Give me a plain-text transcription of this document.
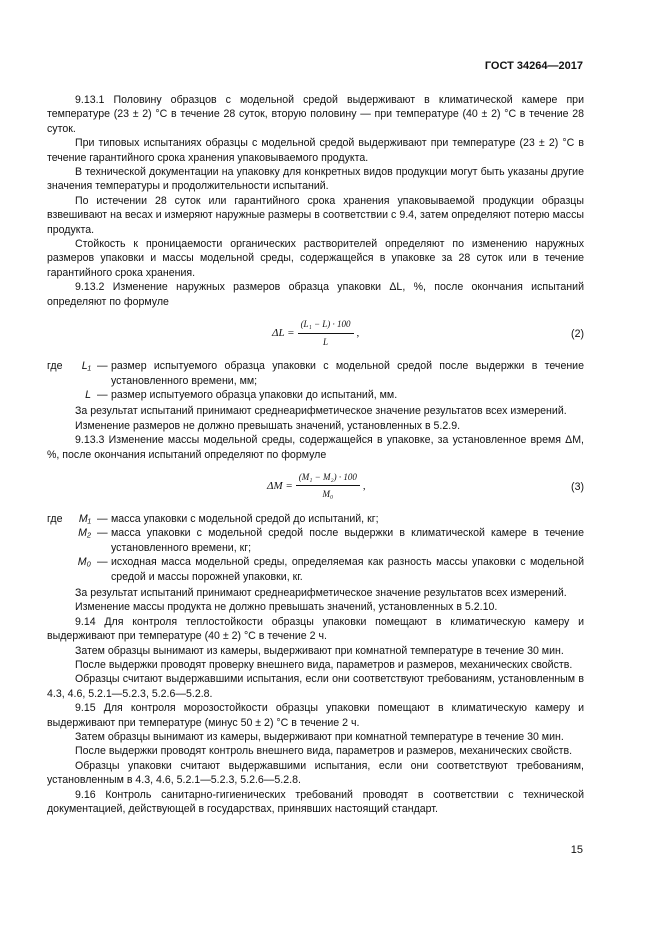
ГОСТ 34264—2017

9.13.1 Половину образцов с модельной средой выдерживают в климатической камере при температуре (23 ± 2) °С в течение 28 суток, вторую половину — при температуре (40 ± 2) °С в течение 28 суток.

При типовых испытаниях образцы с модельной средой выдерживают при температуре (23 ± 2) °С в течение гарантийного срока хранения упаковываемого продукта.

В технической документации на упаковку для конкретных видов продукции могут быть указаны другие значения температуры и продолжительности испытаний.

По истечении 28 суток или гарантийного срока хранения упаковываемой продукции образцы взвешивают на весах и измеряют наружные размеры в соответствии с 9.4, затем определяют потерю массы продукта.

Стойкость к проницаемости органических растворителей определяют по изменению наружных размеров упаковки и массы модельной среды, содержащейся в упаковке за 28 суток или в течение гарантийного срока хранения.

9.13.2 Изменение наружных размеров образца упаковки ΔL, %, после окончания испытаний определяют по формуле

$\Delta L = \frac{\text{(L₁ − L) · 100}}{L}$ ,	(2)
где	L₁ — размер испытуемого образца упаковки с модельной средой после выдержки в течение установленного времени, мм;
L — размер испытуемого образца упаковки до испытаний, мм.

За результат испытаний принимают среднеарифметическое значение результатов всех измерений.

Изменение размеров не должно превышать значений, установленных в 5.2.9.

9.13.3 Изменение массы модельной среды, содержащейся в упаковке, за установленное время ΔM, %, после окончания испытаний определяют по формуле

$\Delta M = \frac{\text{(M₁ − M₂) · 100}}{\text{M₀}}$ ,	(3)
где	M₁ — масса упаковки с модельной средой до испытаний, кг;
M₂ — масса упаковки с модельной средой после выдержки в климатической камере в течение установленного времени, кг;
M₀ — исходная масса модельной среды, определяемая как разность массы упаковки с модельной средой и массы порожней упаковки, кг.

За результат испытаний принимают среднеарифметическое значение результатов всех измерений.

Изменение массы продукта не должно превышать значений, установленных в 5.2.10.

9.14 Для контроля теплостойкости образцы упаковки помещают в климатическую камеру и выдерживают при температуре (40 ± 2) °С в течение 2 ч.

Затем образцы вынимают из камеры, выдерживают при комнатной температуре в течение 30 мин.

После выдержки проводят проверку внешнего вида, параметров и размеров, механических свойств.

Образцы считают выдержавшими испытания, если они соответствуют требованиям, установленным в 4.3, 4.6, 5.2.1—5.2.3, 5.2.6—5.2.8.

9.15 Для контроля морозостойкости образцы упаковки помещают в климатическую камеру и выдерживают при температуре (минус 50 ± 2) °С в течение 2 ч.

Затем образцы вынимают из камеры, выдерживают при комнатной температуре в течение 30 мин.

После выдержки проводят контроль внешнего вида, параметров и размеров, механических свойств.

Образцы упаковки считают выдержавшими испытания, если они соответствуют требованиям, установленным в 4.3, 4.6, 5.2.1—5.2.3, 5.2.6—5.2.8.

9.16 Контроль санитарно-гигиенических требований проводят в соответствии с технической документацией, действующей в государствах, принявших настоящий стандарт.

15
